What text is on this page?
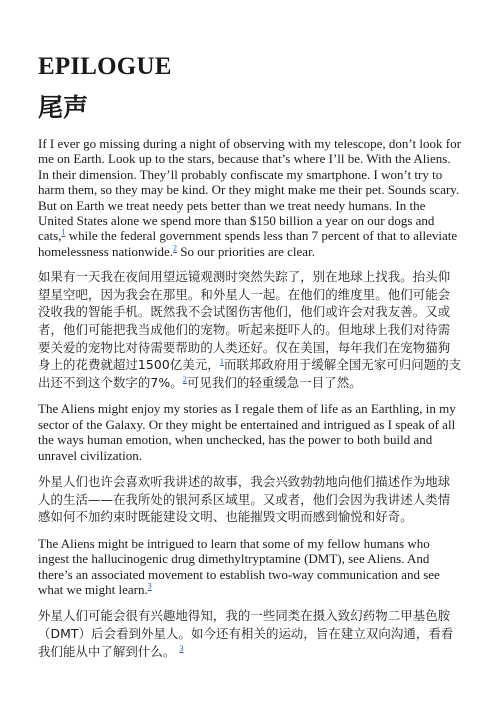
EPILOGUE
尾声

If I ever go missing during a night of observing with my telescope, don’t look for me on Earth. Look up to the stars, because that’s where I’ll be. With the Aliens. In their dimension. They’ll probably confiscate my smartphone. I won’t try to harm them, so they may be kind. Or they might make me their pet. Sounds scary. But on Earth we treat needy pets better than we treat needy humans. In the United States alone we spend more than $150 billion a year on our dogs and cats,$^1$ while the federal government spends less than 7 percent of that to alleviate homelessness nationwide.$^2$ So our priorities are clear.

如果有一天我在夜间用望远镜观测时突然失踪了，别在地球上找我。抬头仰望星空吧，因为我会在那里。和外星人一起。在他们的维度里。他们可能会没收我的智能手机。既然我不会试图伤害他们，他们或许会对我友善。又或者，他们可能把我当成他们的宠物。听起来挺吓人的。但地球上我们对待需要关爱的宠物比对待需要帮助的人类还好。仅在美国，每年我们在宠物猫狗身上的花费就超过1500亿美元，$^1$而联邦政府用于缓解全国无家可归问题的支出还不到这个数字的7%。$^2$可见我们的轻重缓急一目了然。

The Aliens might enjoy my stories as I regale them of life as an Earthling, in my sector of the Galaxy. Or they might be entertained and intrigued as I speak of all the ways human emotion, when unchecked, has the power to both build and unravel civilization.

外星人们也许会喜欢听我讲述的故事，我会兴致勃勃地向他们描述作为地球人的生活——在我所处的银河系区域里。又或者，他们会因为我讲述人类情感如何不加约束时既能建设文明、也能摧毁文明而感到愉悦和好奇。

The Aliens might be intrigued to learn that some of my fellow humans who ingest the hallucinogenic drug dimethyltryptamine (DMT), see Aliens. And there’s an associated movement to establish two-way communication and see what we might learn.$^3$

外星人们可能会很有兴趣地得知，我的一些同类在摄入致幻药物二甲基色胺（DMT）后会看到外星人。如今还有相关的运动，旨在建立双向沟通，看看我们能从中了解到什么。 $^3$
